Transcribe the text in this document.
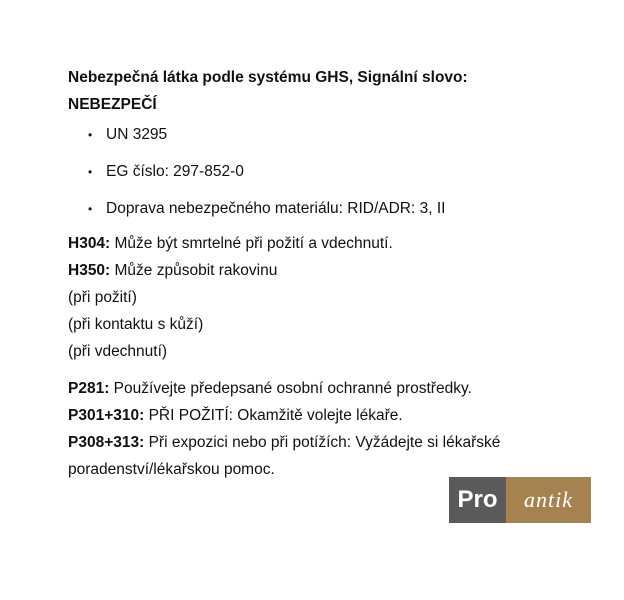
Nebezpečná látka podle systému GHS, Signální slovo:
NEBEZPEČÍ

• UN 3295
• EG číslo: 297-852-0
• Doprava nebezpečného materiálu: RID/ADR: 3, II

H304: Může být smrtelné při požití a vdechnutí.

H350: Může způsobit rakovinu

(při požití)

(při kontaktu s kůží)

(při vdechnutí)

P281: Používejte předepsané osobní ochranné prostředky.

P301+310: PŘI POŽITÍ: Okamžitě volejte lékaře.

P308+313: Při expozici nebo při potížích: Vyžádejte si lékařské

poradenství/lékařskou pomoc.

Pro	antik
